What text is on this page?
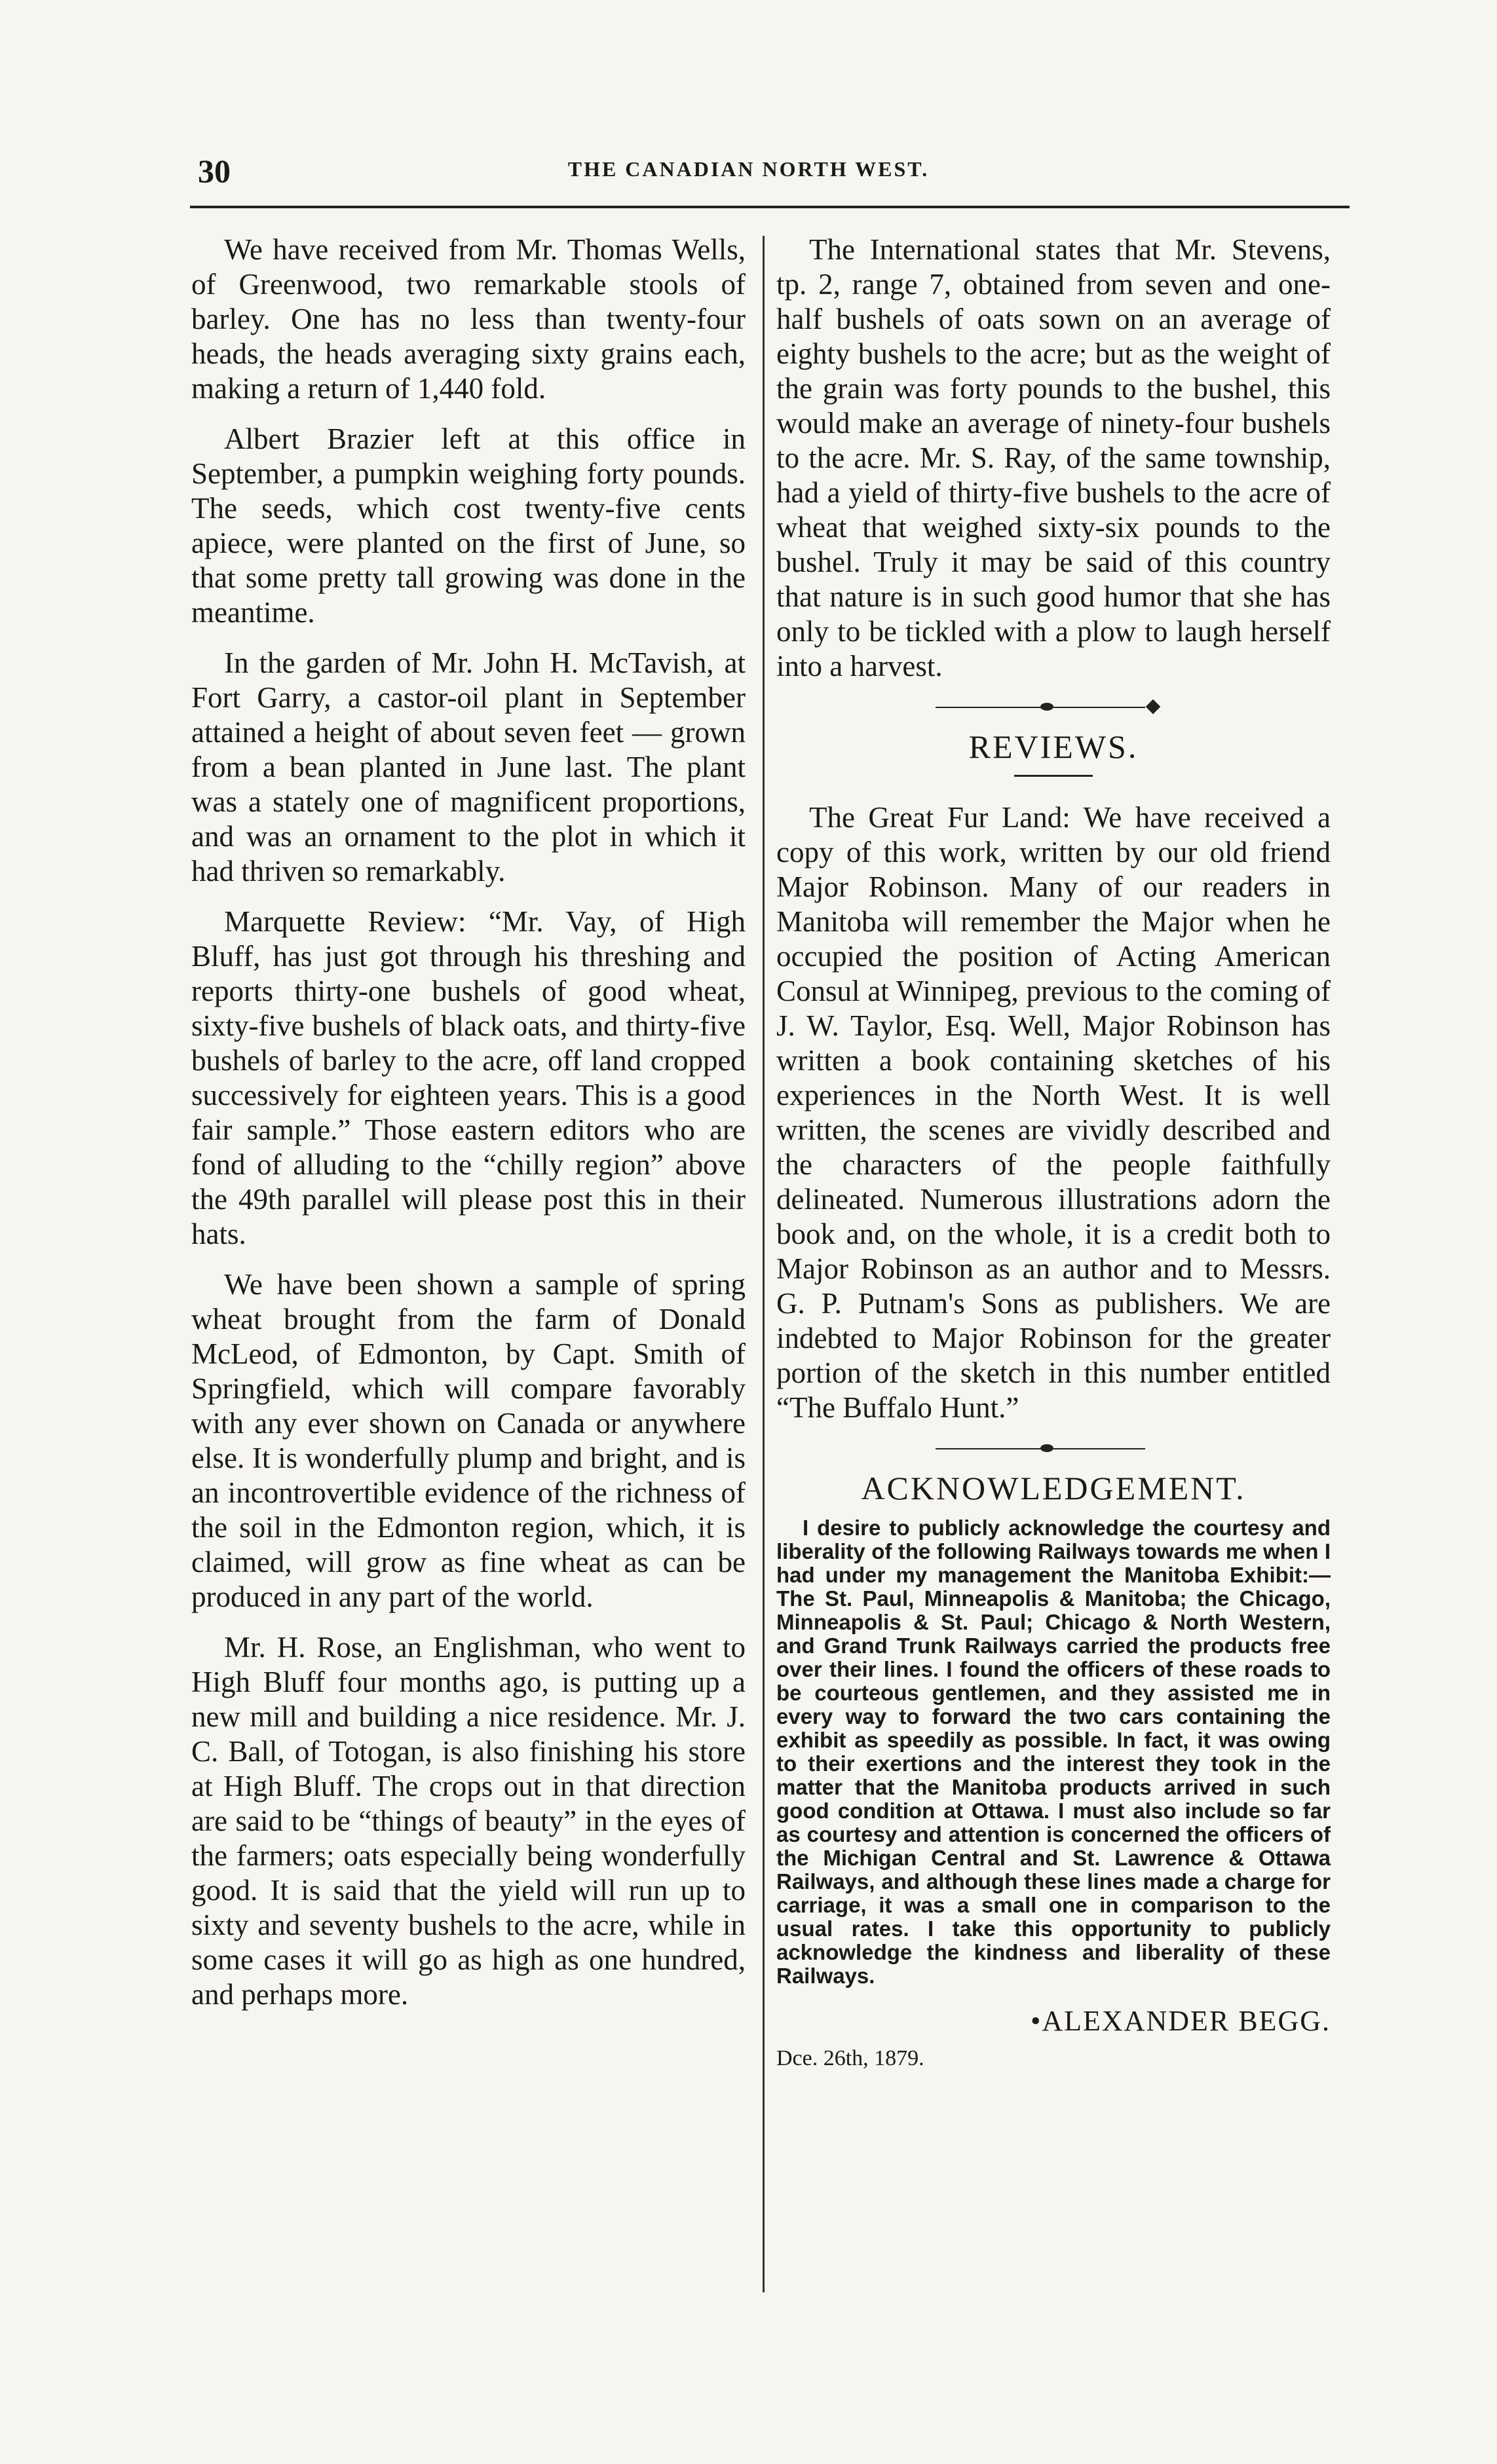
30	THE CANADIAN NORTH WEST.

We have received from Mr. Thomas Wells, of Greenwood, two remarkable stools of barley. One has no less than twenty-four heads, the heads averaging sixty grains each, making a return of 1,440 fold.

Albert Brazier left at this office in September, a pumpkin weighing forty pounds. The seeds, which cost twenty-five cents apiece, were planted on the first of June, so that some pretty tall growing was done in the meantime.

In the garden of Mr. John H. McTavish, at Fort Garry, a castor-oil plant in September attained a height of about seven feet — grown from a bean planted in June last. The plant was a stately one of magnificent proportions, and was an ornament to the plot in which it had thriven so remarkably.

Marquette Review: “Mr. Vay, of High Bluff, has just got through his threshing and reports thirty-one bushels of good wheat, sixty-five bushels of black oats, and thirty-five bushels of barley to the acre, off land cropped successively for eighteen years. This is a good fair sample.” Those eastern editors who are fond of alluding to the “chilly region” above the 49th parallel will please post this in their hats.

We have been shown a sample of spring wheat brought from the farm of Donald McLeod, of Edmonton, by Capt. Smith of Springfield, which will compare favorably with any ever shown on Canada or anywhere else. It is wonderfully plump and bright, and is an incontrovertible evidence of the richness of the soil in the Edmonton region, which, it is claimed, will grow as fine wheat as can be produced in any part of the world.

Mr. H. Rose, an Englishman, who went to High Bluff four months ago, is putting up a new mill and building a nice residence. Mr. J. C. Ball, of Totogan, is also finishing his store at High Bluff. The crops out in that direction are said to be “things of beauty” in the eyes of the farmers; oats especially being wonderfully good. It is said that the yield will run up to sixty and seventy bushels to the acre, while in some cases it will go as high as one hundred, and perhaps more.

The International states that Mr. Stevens, tp. 2, range 7, obtained from seven and one-half bushels of oats sown on an average of eighty bushels to the acre; but as the weight of the grain was forty pounds to the bushel, this would make an average of ninety-four bushels to the acre. Mr. S. Ray, of the same township, had a yield of thirty-five bushels to the acre of wheat that weighed sixty-six pounds to the bushel. Truly it may be said of this country that nature is in such good humor that she has only to be tickled with a plow to laugh herself into a harvest.

REVIEWS.

The Great Fur Land: We have received a copy of this work, written by our old friend Major Robinson. Many of our readers in Manitoba will remember the Major when he occupied the position of Acting American Consul at Winnipeg, previous to the coming of J. W. Taylor, Esq. Well, Major Robinson has written a book containing sketches of his experiences in the North West. It is well written, the scenes are vividly described and the characters of the people faithfully delineated. Numerous illustrations adorn the book and, on the whole, it is a credit both to Major Robinson as an author and to Messrs. G. P. Putnam's Sons as publishers. We are indebted to Major Robinson for the greater portion of the sketch in this number entitled “The Buffalo Hunt.”

ACKNOWLEDGEMENT.

I desire to publicly acknowledge the courtesy and liberality of the following Railways towards me when I had under my management the Manitoba Exhibit:—The St. Paul, Minneapolis & Manitoba; the Chicago, Minneapolis & St. Paul; Chicago & North Western, and Grand Trunk Railways carried the products free over their lines. I found the officers of these roads to be courteous gentlemen, and they assisted me in every way to forward the two cars containing the exhibit as speedily as possible. In fact, it was owing to their exertions and the interest they took in the matter that the Manitoba products arrived in such good condition at Ottawa. I must also include so far as courtesy and attention is concerned the officers of the Michigan Central and St. Lawrence & Ottawa Railways, and although these lines made a charge for carriage, it was a small one in comparison to the usual rates. I take this opportunity to publicly acknowledge the kindness and liberality of these Railways.

•ALEXANDER BEGG.
Dce. 26th, 1879.
